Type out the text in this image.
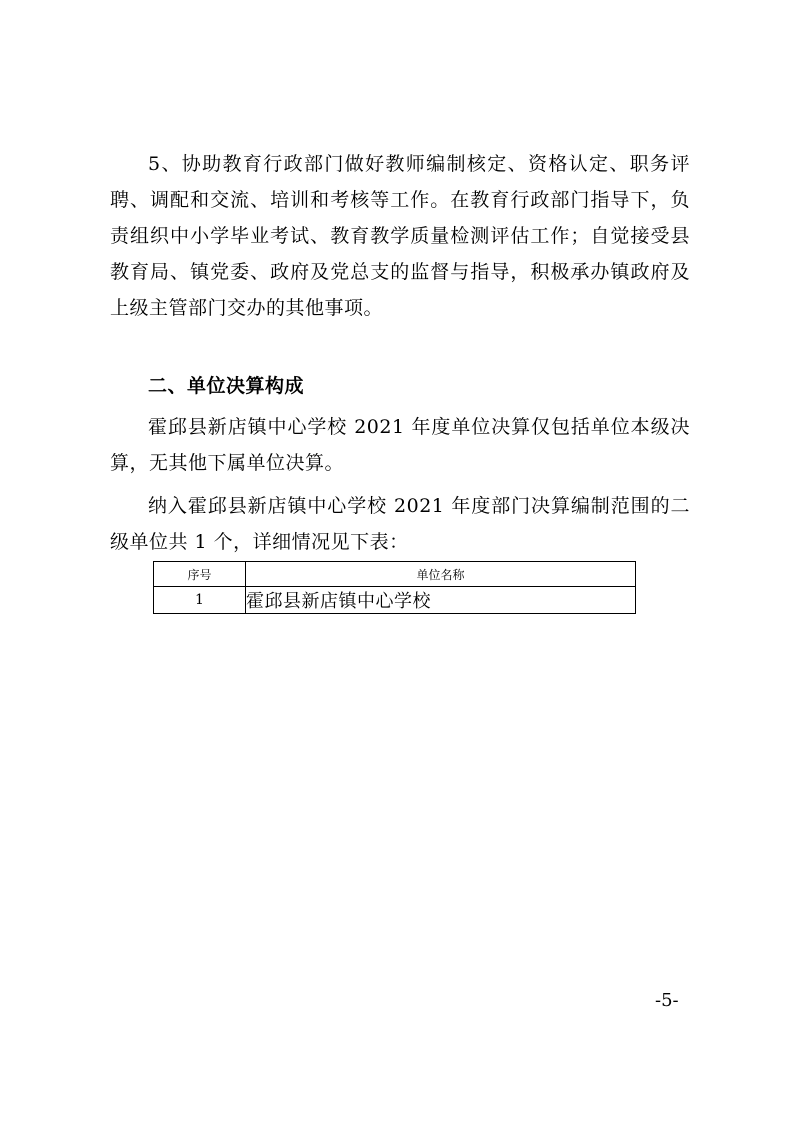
5、协助教育行政部门做好教师编制核定、资格认定、职务评聘、调配和交流、培训和考核等工作。在教育行政部门指导下，负责组织中小学毕业考试、教育教学质量检测评估工作；自觉接受县教育局、镇党委、政府及党总支的监督与指导，积极承办镇政府及上级主管部门交办的其他事项。

二、单位决算构成

霍邱县新店镇中心学校 2021 年度单位决算仅包括单位本级决算，无其他下属单位决算。

纳入霍邱县新店镇中心学校 2021 年度部门决算编制范围的二级单位共 1 个，详细情况见下表：

序号	单位名称
1	霍邱县新店镇中心学校

-5-
